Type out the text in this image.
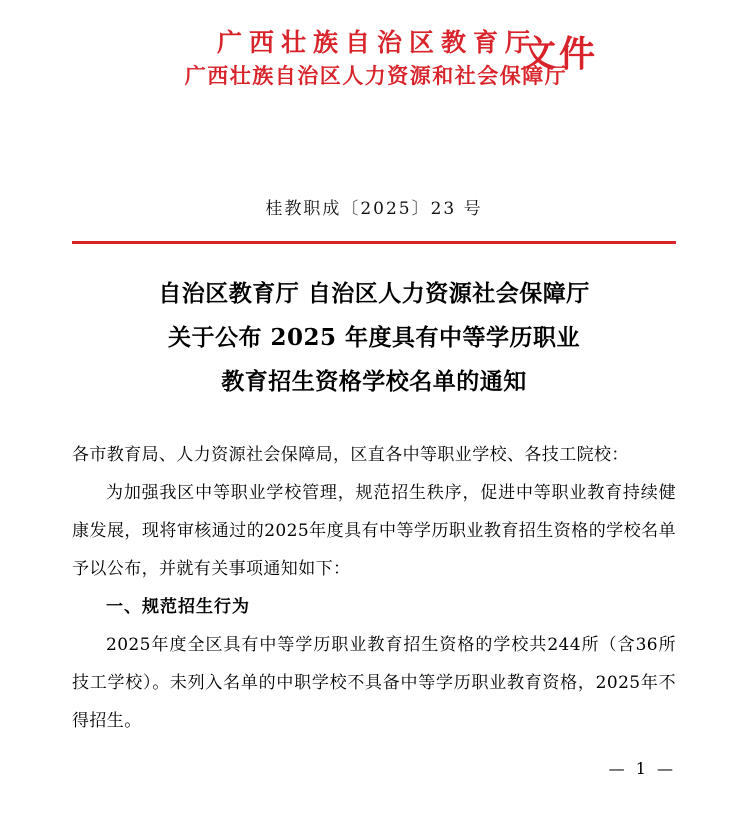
广西壮族自治区教育厅
广西壮族自治区人力资源和社会保障厅
文件
桂教职成〔2025〕23 号
自治区教育厅 自治区人力资源社会保障厅
关于公布 2025 年度具有中等学历职业
教育招生资格学校名单的通知

各市教育局、人力资源社会保障局，区直各中等职业学校、各技工院校：

为加强我区中等职业学校管理，规范招生秩序，促进中等职业教育持续健康发展，现将审核通过的2025年度具有中等学历职业教育招生资格的学校名单予以公布，并就有关事项通知如下：

一、规范招生行为

2025年度全区具有中等学历职业教育招生资格的学校共244所（含36所技工学校）。未列入名单的中职学校不具备中等学历职业教育资格，2025年不得招生。

— 1 —
